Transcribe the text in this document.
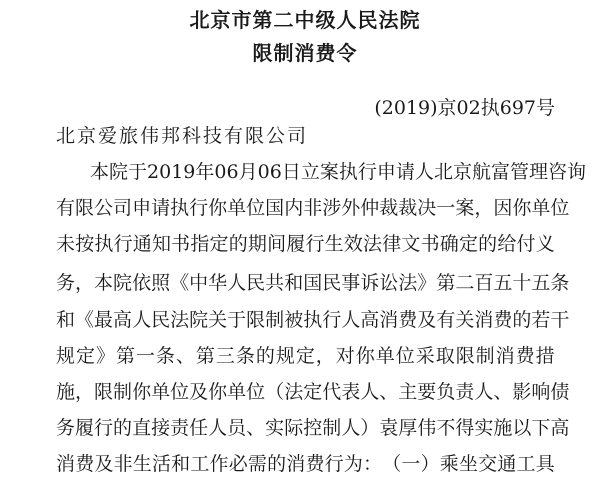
北京市第二中级人民法院
限制消费令
(2019)京02执697号
北京爱旅伟邦科技有限公司
本 院 于 2019 年 06 月 06 日 立 案 执 行 申 请 人 北 京 航 富 管 理 咨 询
有 限 公 司 申 请 执 行 你 单 位 国 内 非 涉 外 仲 裁 裁 决 一 案 ， 因 你 单 位
未 按 执 行 通 知 书 指 定 的 期 间 履 行 生 效 法 律 文 书 确 定 的 给 付 义
务 ， 本 院 依 照 《 中 华 人 民 共 和 国 民 事 诉 讼 法 》 第 二 百 五 十 五 条
和 《 最 高 人 民 法 院 关 于 限 制 被 执 行 人 高 消 费 及 有 关 消 费 的 若 干
规 定 》 第 一 条 、 第 三 条 的 规 定 ， 对 你 单 位 采 取 限 制 消 费 措
施 ， 限 制 你 单 位 及 你 单 位 （ 法 定 代 表 人 、 主 要 负 责 人 、 影 响 债
务 履 行 的 直 接 责 任 人 员 、 实 际 控 制 人 ） 袁 厚 伟 不 得 实 施 以 下 高
消 费 及 非 生 活 和 工 作 必 需 的 消 费 行 为 ： （ 一 ） 乘 坐 交 通 工 具
